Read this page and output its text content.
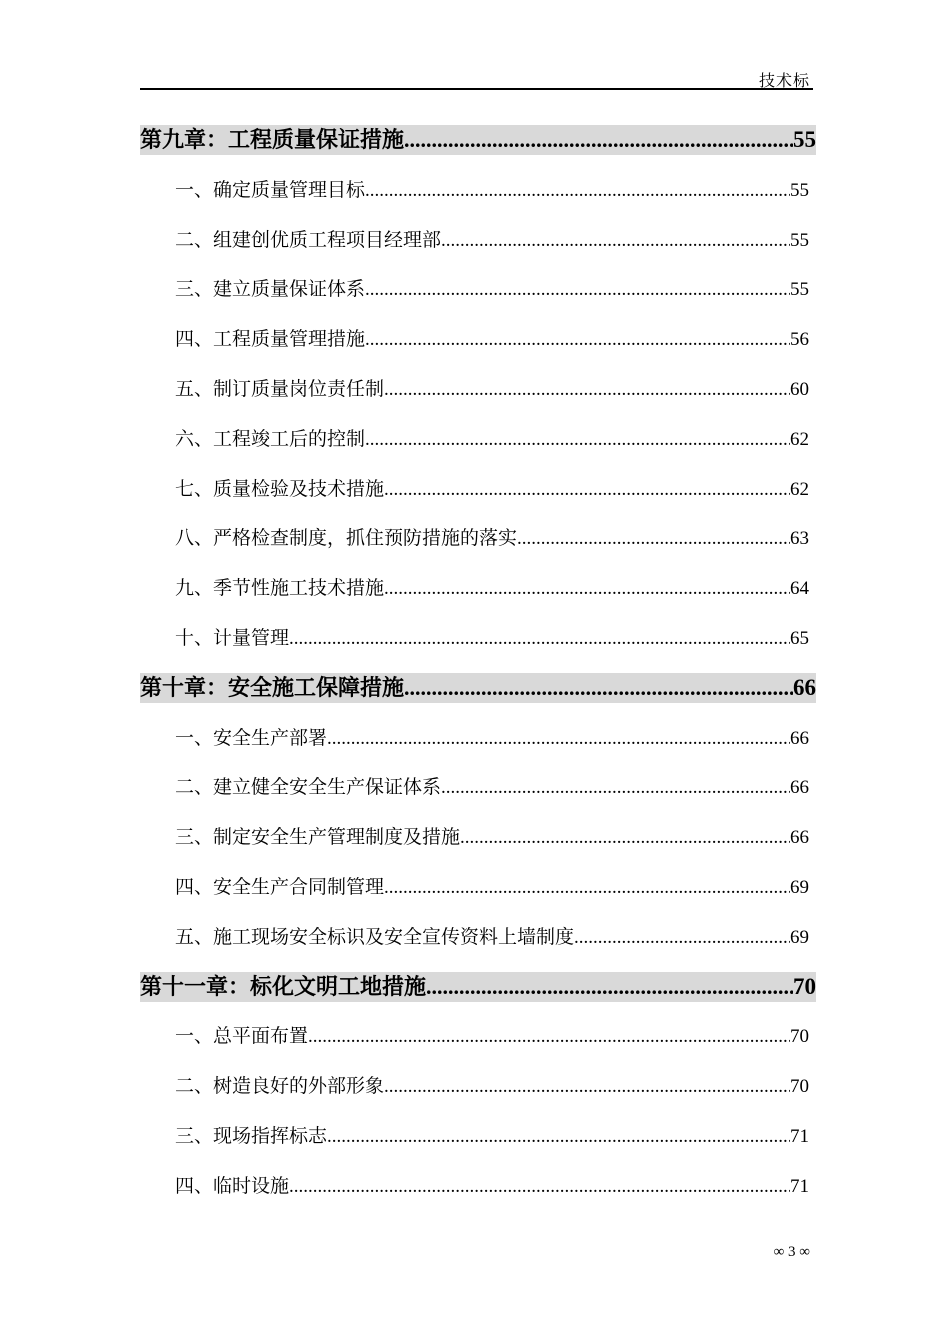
技术标
第九章：工程质量保证措施 .....	55
一、确定质量管理目标 .....	55
二、组建创优质工程项目经理部 .....	55
三、建立质量保证体系 .....	55
四、工程质量管理措施 .....	56
五、制订质量岗位责任制 .....	60
六、工程竣工后的控制 .....	62
七、质量检验及技术措施 .....	62
八、严格检查制度，抓住预防措施的落实 .....	63
九、季节性施工技术措施 .....	64
十、计量管理 .....	65
第十章：安全施工保障措施 .....	66
一、安全生产部署 .....	66
二、建立健全安全生产保证体系 .....	66
三、制定安全生产管理制度及措施 .....	66
四、安全生产合同制管理 .....	69
五、施工现场安全标识及安全宣传资料上墙制度 .....	69
第十一章：标化文明工地措施 .....	70
一、总平面布置 .....	70
二、树造良好的外部形象 .....	70
三、现场指挥标志 .....	71
四、临时设施 .....	71
∞ 3 ∞
